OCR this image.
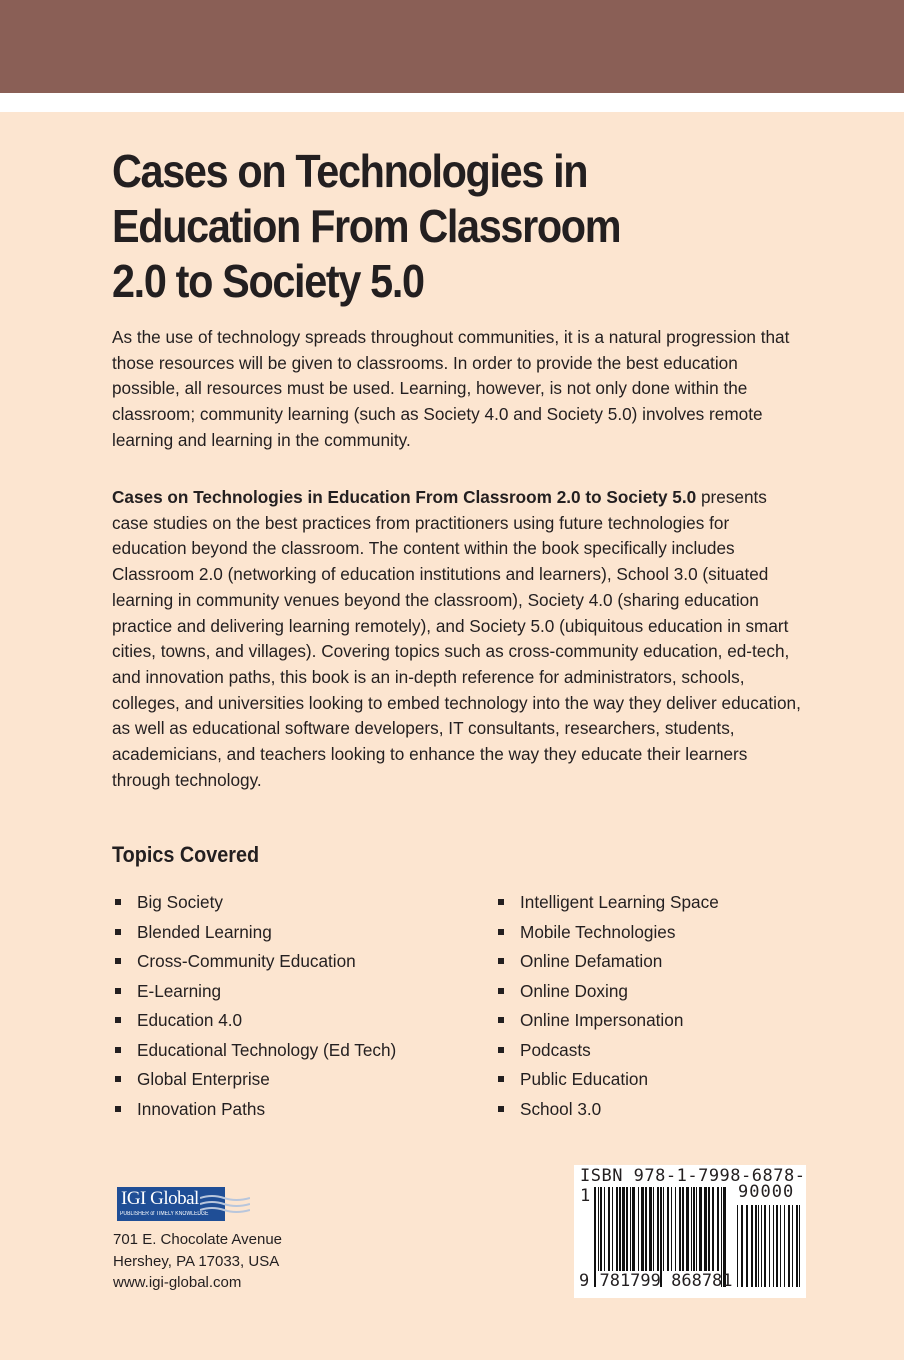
Cases on Technologies in
Education From Classroom
2.0 to Society 5.0

As the use of technology spreads throughout communities, it is a natural progression that those resources will be given to classrooms. In order to provide the best education possible, all resources must be used. Learning, however, is not only done within the classroom; community learning (such as Society 4.0 and Society 5.0) involves remote learning and learning in the community.

Cases on Technologies in Education From Classroom 2.0 to Society 5.0 presents case studies on the best practices from practitioners using future technologies for education beyond the classroom. The content within the book specifically includes Classroom 2.0 (networking of education institutions and learners), School 3.0 (situated learning in community venues beyond the classroom), Society 4.0 (sharing education practice and delivering learning remotely), and Society 5.0 (ubiquitous education in smart cities, towns, and villages). Covering topics such as cross-community education, ed-tech, and innovation paths, this book is an in-depth reference for administrators, schools, colleges, and universities looking to embed technology into the way they deliver education, as well as educational software developers, IT consultants, researchers, students, academicians, and teachers looking to enhance the way they educate their learners through technology.

Topics Covered
Big Society
Blended Learning
Cross-Community Education
E-Learning
Education 4.0
Educational Technology (Ed Tech)
Global Enterprise
Innovation Paths
Intelligent Learning Space
Mobile Technologies
Online Defamation
Online Doxing
Online Impersonation
Podcasts
Public Education
School 3.0
IGI Global
PUBLISHER of TIMELY KNOWLEDGE
701 E. Chocolate Avenue
Hershey, PA 17033, USA
www.igi-global.com
ISBN 978-1-7998-6878-1	90000
9 781799 868781
